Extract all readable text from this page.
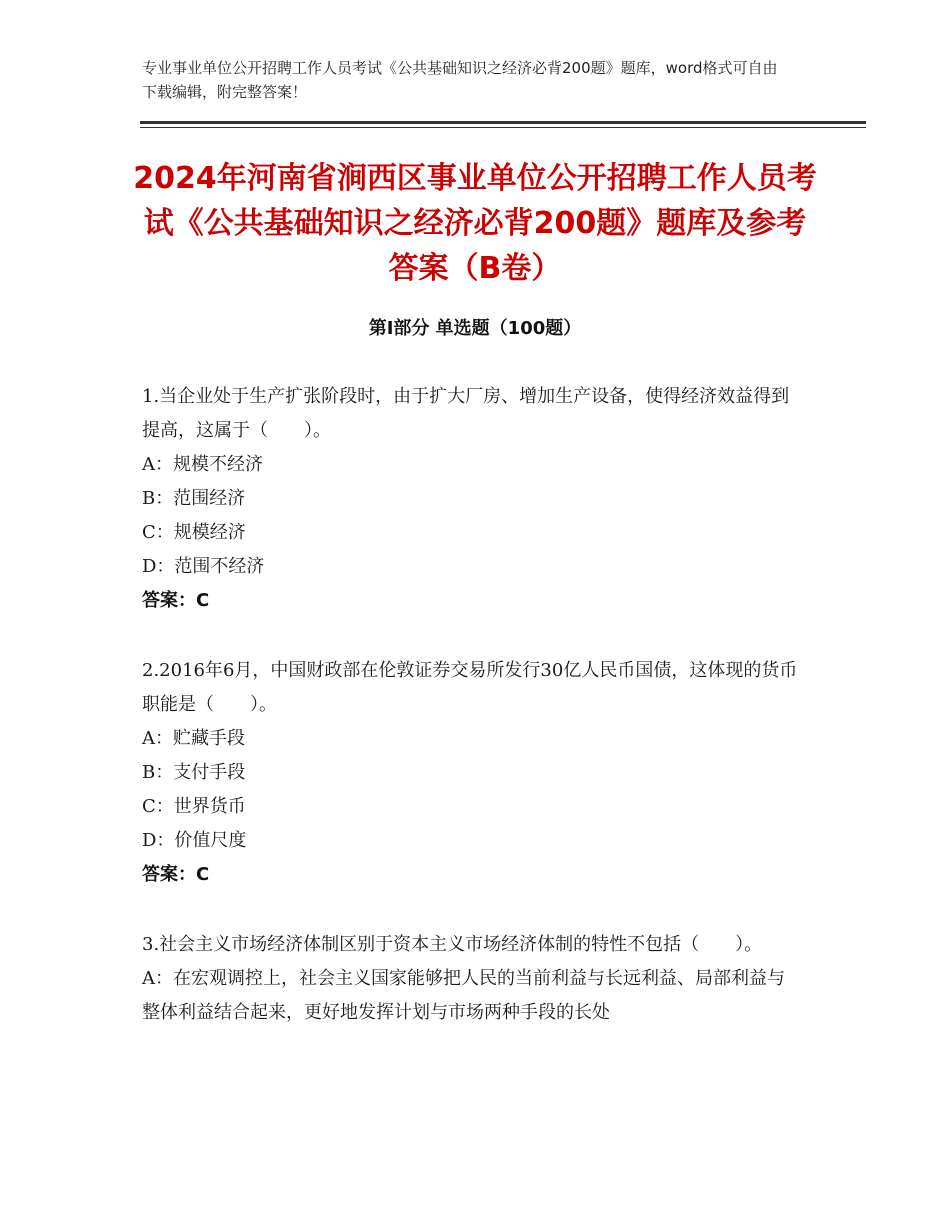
专业事业单位公开招聘工作人员考试《公共基础知识之经济必背200题》题库，word格式可自由下载编辑，附完整答案！

2024年河南省涧西区事业单位公开招聘工作人员考试《公共基础知识之经济必背200题》题库及参考答案（B卷）
第I部分 单选题（100题）

1.当企业处于生产扩张阶段时，由于扩大厂房、增加生产设备，使得经济效益得到提高，这属于（　　）。

A：规模不经济

B：范围经济

C：规模经济

D：范围不经济

答案：C

2.2016年6月，中国财政部在伦敦证券交易所发行30亿人民币国债，这体现的货币职能是（　　）。

A：贮藏手段

B：支付手段

C：世界货币

D：价值尺度

答案：C

3.社会主义市场经济体制区别于资本主义市场经济体制的特性不包括（　　）。

A：在宏观调控上，社会主义国家能够把人民的当前利益与长远利益、局部利益与整体利益结合起来，更好地发挥计划与市场两种手段的长处
